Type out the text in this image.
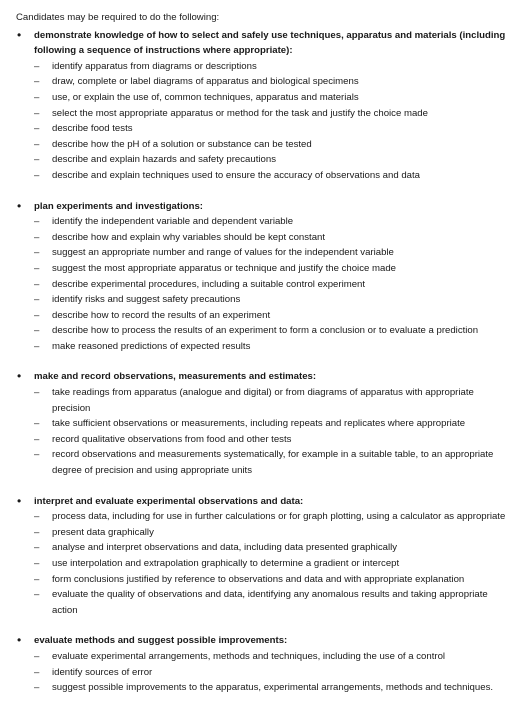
Candidates may be required to do the following:
• demonstrate knowledge of how to select and safely use techniques, apparatus and materials (including following a sequence of instructions where appropriate):
– identify apparatus from diagrams or descriptions
– draw, complete or label diagrams of apparatus and biological specimens
– use, or explain the use of, common techniques, apparatus and materials
– select the most appropriate apparatus or method for the task and justify the choice made
– describe food tests
– describe how the pH of a solution or substance can be tested
– describe and explain hazards and safety precautions
– describe and explain techniques used to ensure the accuracy of observations and data
• plan experiments and investigations:
– identify the independent variable and dependent variable
– describe how and explain why variables should be kept constant
– suggest an appropriate number and range of values for the independent variable
– suggest the most appropriate apparatus or technique and justify the choice made
– describe experimental procedures, including a suitable control experiment
– identify risks and suggest safety precautions
– describe how to record the results of an experiment
– describe how to process the results of an experiment to form a conclusion or to evaluate a prediction
– make reasoned predictions of expected results
• make and record observations, measurements and estimates:
– take readings from apparatus (analogue and digital) or from diagrams of apparatus with appropriate precision
– take sufficient observations or measurements, including repeats and replicates where appropriate
– record qualitative observations from food and other tests
– record observations and measurements systematically, for example in a suitable table, to an appropriate degree of precision and using appropriate units
• interpret and evaluate experimental observations and data:
– process data, including for use in further calculations or for graph plotting, using a calculator as appropriate
– present data graphically
– analyse and interpret observations and data, including data presented graphically
– use interpolation and extrapolation graphically to determine a gradient or intercept
– form conclusions justified by reference to observations and data and with appropriate explanation
– evaluate the quality of observations and data, identifying any anomalous results and taking appropriate action
• evaluate methods and suggest possible improvements:
– evaluate experimental arrangements, methods and techniques, including the use of a control
– identify sources of error
– suggest possible improvements to the apparatus, experimental arrangements, methods and techniques.
